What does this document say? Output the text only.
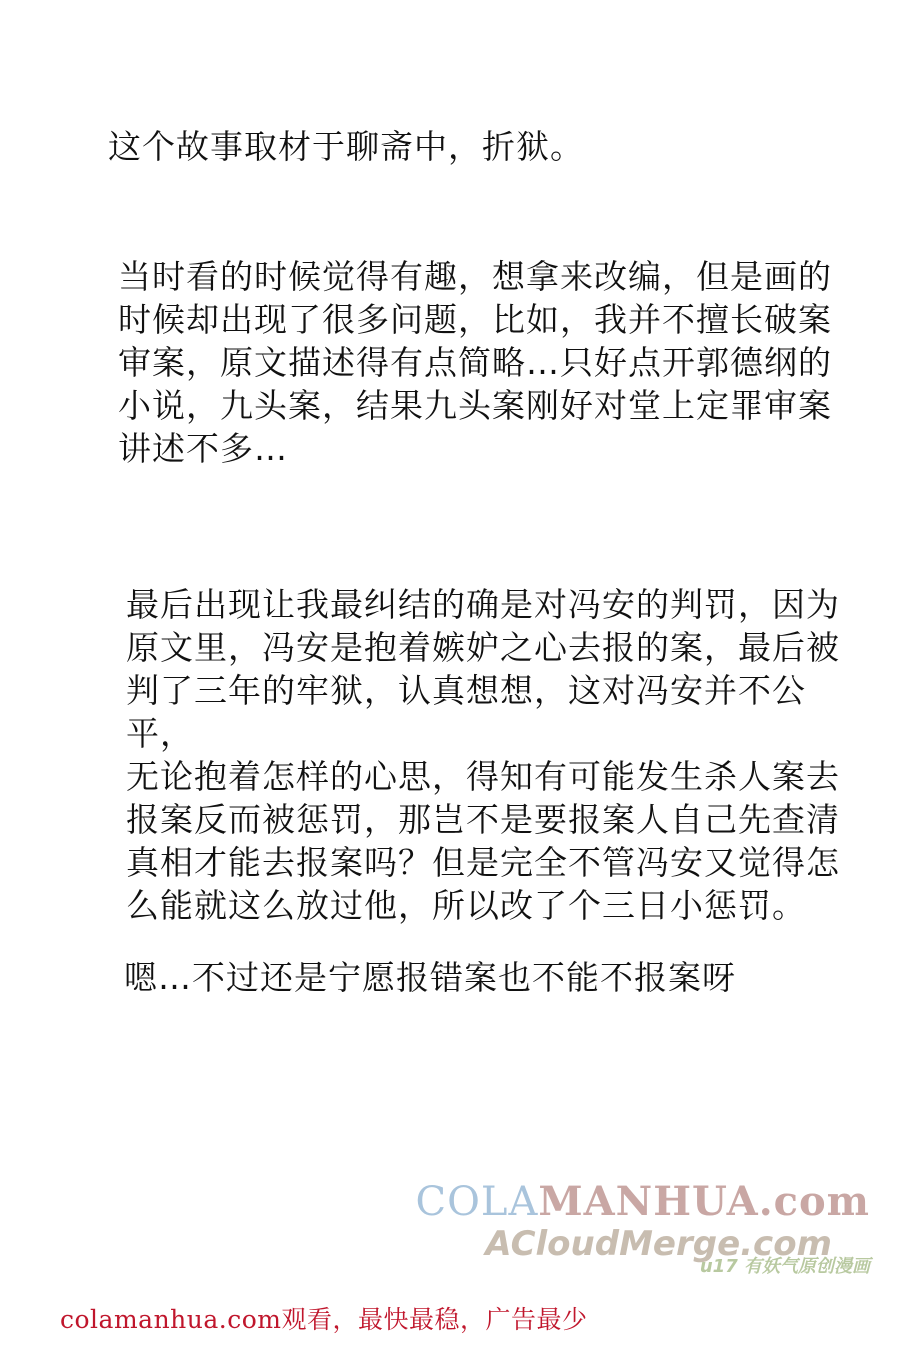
这个故事取材于聊斋中，折狱。

当时看的时候觉得有趣，想拿来改编，但是画的
时候却出现了很多问题，比如，我并不擅长破案
审案，原文描述得有点简略…只好点开郭德纲的
小说，九头案，结果九头案刚好对堂上定罪审案
讲述不多…

最后出现让我最纠结的确是对冯安的判罚，因为
原文里，冯安是抱着嫉妒之心去报的案，最后被
判了三年的牢狱，认真想想，这对冯安并不公平，
无论抱着怎样的心思，得知有可能发生杀人案去
报案反而被惩罚，那岂不是要报案人自己先查清
真相才能去报案吗？但是完全不管冯安又觉得怎
么能就这么放过他，所以改了个三日小惩罚。

嗯…不过还是宁愿报错案也不能不报案呀

COLAMANHUA.com
ACloudMerge.com
u17 有妖气原创漫画
colamanhua.com观看，最快最稳，广告最少
